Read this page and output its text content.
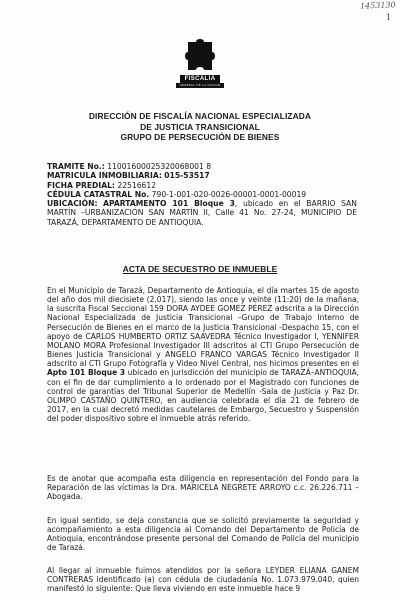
1453130
1
FISCALÍA
GENERAL DE LA NACIÓN
DIRECCIÓN DE FISCALÍA NACIONAL ESPECIALIZADA
DE JUSTICIA TRANSICIONAL
GRUPO DE PERSECUCIÓN DE BIENES
TRAMITE No.: 11001600025320068001 8
MATRICULA INMOBILIARIA: 015-53517
FICHA PREDIAL: 22516612
CÉDULA CATASTRAL No. 790-1-001-020-0026-00001-0001-00019
UBICACIÓN: APARTAMENTO 101 Bloque 3, ubicado en el BARRIO SAN MARTÍN –URBANIZACIÓN SAN MARTÍN II, Calle 41 No. 27-24, MUNICIPIO DE TARAZÁ, DEPARTAMENTO DE ANTIOQUIA.
ACTA DE SECUESTRO DE INMUEBLE
En el Municipio de Tarazá, Departamento de Antioquia, el día martes 15 de agosto del año dos mil diecisiete (2.017), siendo las once y veinte (11:20) de la mañana, la suscrita Fiscal Seccional 159 DORA AYDEE GOMEZ PÉREZ adscrita a la Dirección Nacional Especializada de Justicia Transicional –Grupo de Trabajo Interno de Persecución de Bienes en el marco de la Justicia Transicional -Despacho 15, con el apoyo de CARLOS HUMBERTO ORTIZ SAAVEDRA Técnico Investigador I, YENNIFER MOLANO MORA Profesional Investigador III adscritos al CTI Grupo Persecución de Bienes Justicia Transicional y ANGELO FRANCO VARGAS Técnico Investigador II adscrito al CTI Grupo Fotografía y Video Nivel Central, nos hicimos presentes en el Apto 101 Bloque 3 ubicado en jurisdicción del municipio de TARAZÁ–ANTIOQUIA, con el fin de dar cumplimiento a lo ordenado por el Magistrado con funciones de control de garantías del Tribunal Superior de Medellín -Sala de Justicia y Paz Dr. OLIMPO CASTAÑO QUINTERO, en audiencia celebrada el día 21 de febrero de 2017, en la cual decretó medidas cautelares de Embargo, Secuestro y Suspensión del poder dispositivo sobre el inmueble atrás referido.
Es de anotar que acompaña esta diligencia en representación del Fondo para la Reparación de las víctimas la Dra. MARICELA NEGRETE ARROYO c.c. 26.226.711 –Abogada.
En igual sentido, se deja constancia que se solicitó previamente la seguridad y acompañamiento a esta diligencia al Comando del Departamento de Policía de Antioquia, encontrándose presente personal del Comando de Policía del municipio de Tarazá.
Al llegar al inmueble fuimos atendidos por la señora LEYDER ELIANA GANEM CONTRERAS identificado (a) con cédula de ciudadanía No. 1.073.979.040, quien manifestó lo siguiente: Que lleva viviendo en este inmueble hace 9
